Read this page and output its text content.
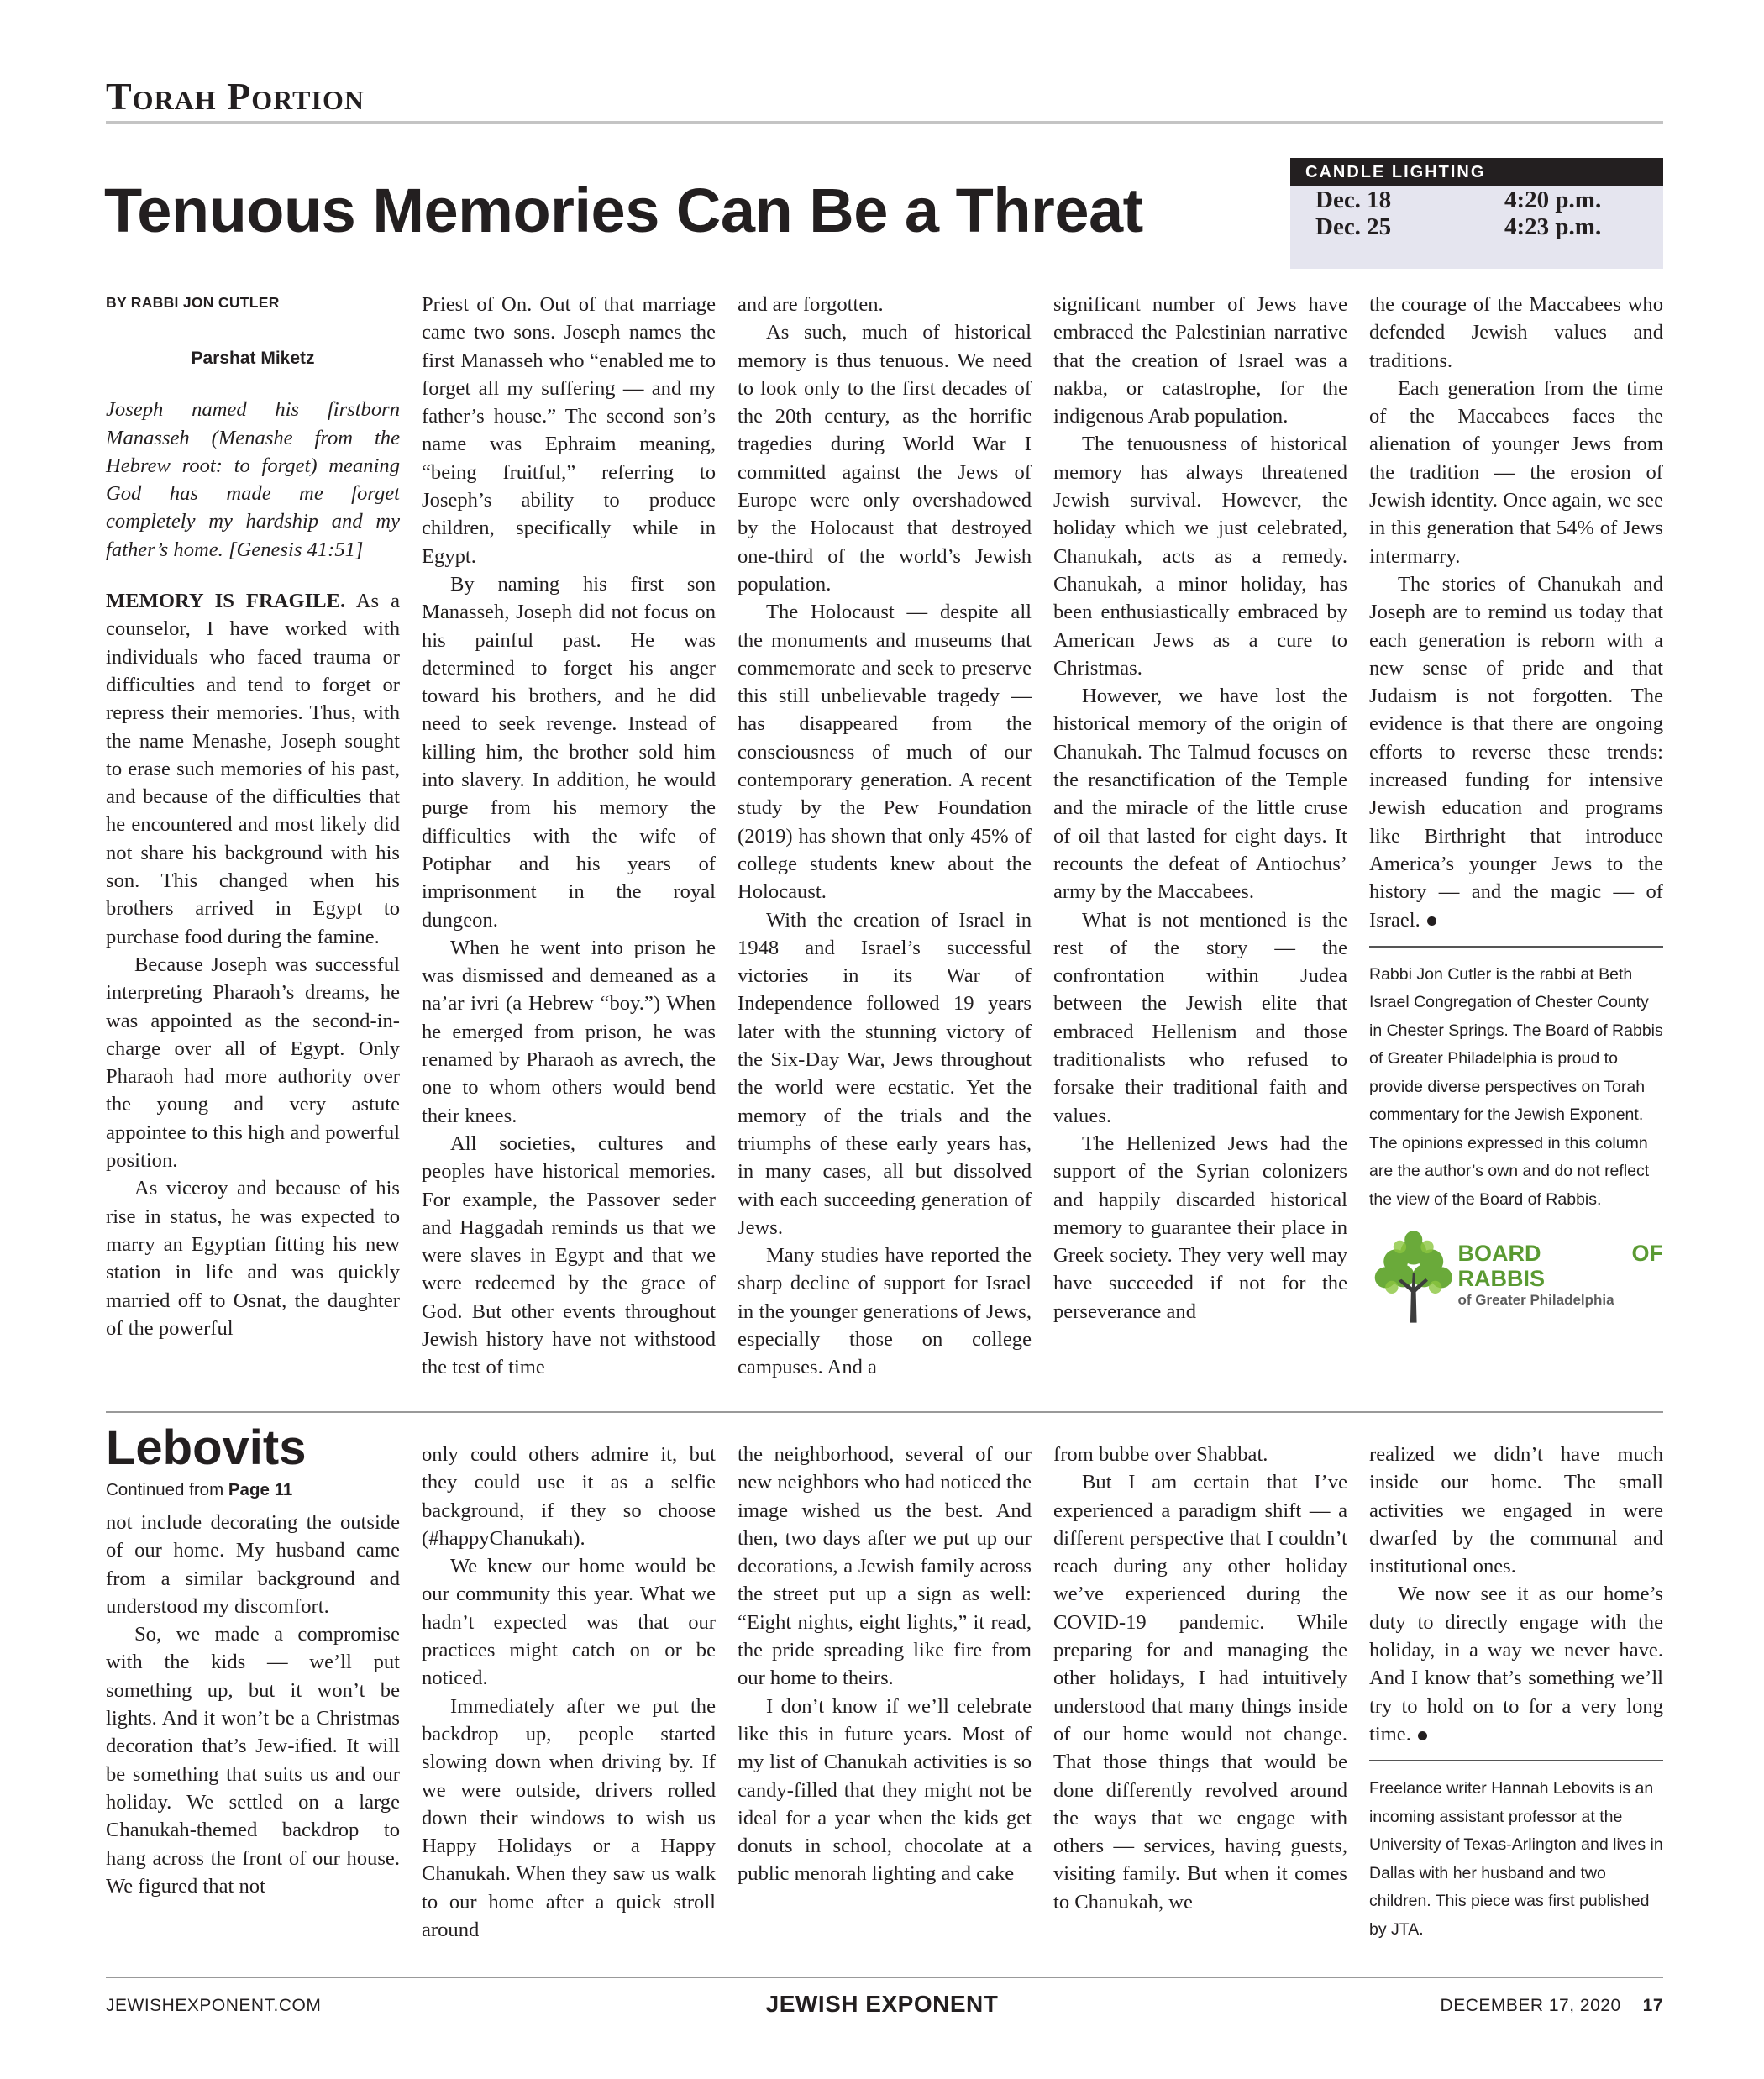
Torah Portion
Tenuous Memories Can Be a Threat
CANDLE LIGHTING
Dec. 18	4:20 p.m.
Dec. 25	4:23 p.m.
BY RABBI JON CUTLER
Parshat Miketz

Joseph named his firstborn Manasseh (Menashe from the Hebrew root: to forget) meaning God has made me forget completely my hardship and my father’s home. [Genesis 41:51]

MEMORY IS FRAGILE. As a counselor, I have worked with individuals who faced trauma or difficulties and tend to forget or repress their memories. Thus, with the name Menashe, Joseph sought to erase such memories of his past, and because of the difficulties that he encountered and most likely did not share his background with his son. This changed when his brothers arrived in Egypt to purchase food during the famine.

Because Joseph was successful interpreting Pharaoh’s dreams, he was appointed as the second-in-charge over all of Egypt. Only Pharaoh had more authority over the young and very astute appointee to this high and powerful position.

As viceroy and because of his rise in status, he was expected to marry an Egyptian fitting his new station in life and was quickly married off to Osnat, the daughter of the powerful

Priest of On. Out of that marriage came two sons. Joseph names the first Manasseh who “enabled me to forget all my suffering — and my father’s house.” The second son’s name was Ephraim meaning, “being fruitful,” referring to Joseph’s ability to produce children, specifically while in Egypt.

By naming his first son Manasseh, Joseph did not focus on his painful past. He was determined to forget his anger toward his brothers, and he did need to seek revenge. Instead of killing him, the brother sold him into slavery. In addition, he would purge from his memory the difficulties with the wife of Potiphar and his years of imprisonment in the royal dungeon.

When he went into prison he was dismissed and demeaned as a na’ar ivri (a Hebrew “boy.”) When he emerged from prison, he was renamed by Pharaoh as avrech, the one to whom others would bend their knees.

All societies, cultures and peoples have historical memories. For example, the Passover seder and Haggadah reminds us that we were slaves in Egypt and that we were redeemed by the grace of God. But other events throughout Jewish history have not withstood the test of time

and are forgotten.

As such, much of historical memory is thus tenuous. We need to look only to the first decades of the 20th century, as the horrific tragedies during World War I committed against the Jews of Europe were only overshadowed by the Holocaust that destroyed one-third of the world’s Jewish population.

The Holocaust — despite all the monuments and museums that commemorate and seek to preserve this still unbelievable tragedy — has disappeared from the consciousness of much of our contemporary generation. A recent study by the Pew Foundation (2019) has shown that only 45% of college students knew about the Holocaust.

With the creation of Israel in 1948 and Israel’s successful victories in its War of Independence followed 19 years later with the stunning victory of the Six-Day War, Jews throughout the world were ecstatic. Yet the memory of the trials and the triumphs of these early years has, in many cases, all but dissolved with each succeeding generation of Jews.

Many studies have reported the sharp decline of support for Israel in the younger generations of Jews, especially those on college campuses. And a

significant number of Jews have embraced the Palestinian narrative that the creation of Israel was a nakba, or catastrophe, for the indigenous Arab population.

The tenuousness of historical memory has always threatened Jewish survival. However, the holiday which we just celebrated, Chanukah, acts as a remedy. Chanukah, a minor holiday, has been enthusiastically embraced by American Jews as a cure to Christmas.

However, we have lost the historical memory of the origin of Chanukah. The Talmud focuses on the resanctification of the Temple and the miracle of the little cruse of oil that lasted for eight days. It recounts the defeat of Antiochus’ army by the Maccabees.

What is not mentioned is the rest of the story — the confrontation within Judea between the Jewish elite that embraced Hellenism and those traditionalists who refused to forsake their traditional faith and values.

The Hellenized Jews had the support of the Syrian colonizers and happily discarded historical memory to guarantee their place in Greek society. They very well may have succeeded if not for the perseverance and

the courage of the Maccabees who defended Jewish values and traditions.

Each generation from the time of the Maccabees faces the alienation of younger Jews from the tradition — the erosion of Jewish identity. Once again, we see in this generation that 54% of Jews intermarry.

The stories of Chanukah and Joseph are to remind us today that each generation is reborn with a new sense of pride and that Judaism is not forgotten. The evidence is that there are ongoing efforts to reverse these trends: increased funding for intensive Jewish education and programs like Birthright that introduce America’s younger Jews to the history — and the magic — of Israel.

Rabbi Jon Cutler is the rabbi at Beth Israel Congregation of Chester County in Chester Springs. The Board of Rabbis of Greater Philadelphia is proud to provide diverse perspectives on Torah commentary for the Jewish Exponent. The opinions expressed in this column are the author’s own and do not reflect the view of the Board of Rabbis.

BOARD OF RABBIS
of Greater Philadelphia
Lebovits
Continued from Page 11

not include decorating the outside of our home. My husband came from a similar background and understood my discomfort.

So, we made a compromise with the kids — we’ll put something up, but it won’t be lights. And it won’t be a Christmas decoration that’s Jew-ified. It will be something that suits us and our holiday. We settled on a large Chanukah-themed backdrop to hang across the front of our house. We figured that not

only could others admire it, but they could use it as a selfie background, if they so choose (#happyChanukah).

We knew our home would be our community this year. What we hadn’t expected was that our practices might catch on or be noticed.

Immediately after we put the backdrop up, people started slowing down when driving by. If we were outside, drivers rolled down their windows to wish us Happy Holidays or a Happy Chanukah. When they saw us walk to our home after a quick stroll around

the neighborhood, several of our new neighbors who had noticed the image wished us the best. And then, two days after we put up our decorations, a Jewish family across the street put up a sign as well: “Eight nights, eight lights,” it read, the pride spreading like fire from our home to theirs.

I don’t know if we’ll celebrate like this in future years. Most of my list of Chanukah activities is so candy-filled that they might not be ideal for a year when the kids get donuts in school, chocolate at a public menorah lighting and cake

from bubbe over Shabbat.

But I am certain that I’ve experienced a paradigm shift — a different perspective that I couldn’t reach during any other holiday we’ve experienced during the COVID-19 pandemic. While preparing for and managing the other holidays, I had intuitively understood that many things inside of our home would not change. That those things that would be done differently revolved around the ways that we engage with others — services, having guests, visiting family. But when it comes to Chanukah, we

realized we didn’t have much inside our home. The small activities we engaged in were dwarfed by the communal and institutional ones.

We now see it as our home’s duty to directly engage with the holiday, in a way we never have. And I know that’s something we’ll try to hold on to for a very long time.

Freelance writer Hannah Lebovits is an incoming assistant professor at the University of Texas-Arlington and lives in Dallas with her husband and two children. This piece was first published by JTA.

JEWISHEXPONENT.COM	JEWISH EXPONENT	DECEMBER 17, 2020 17
